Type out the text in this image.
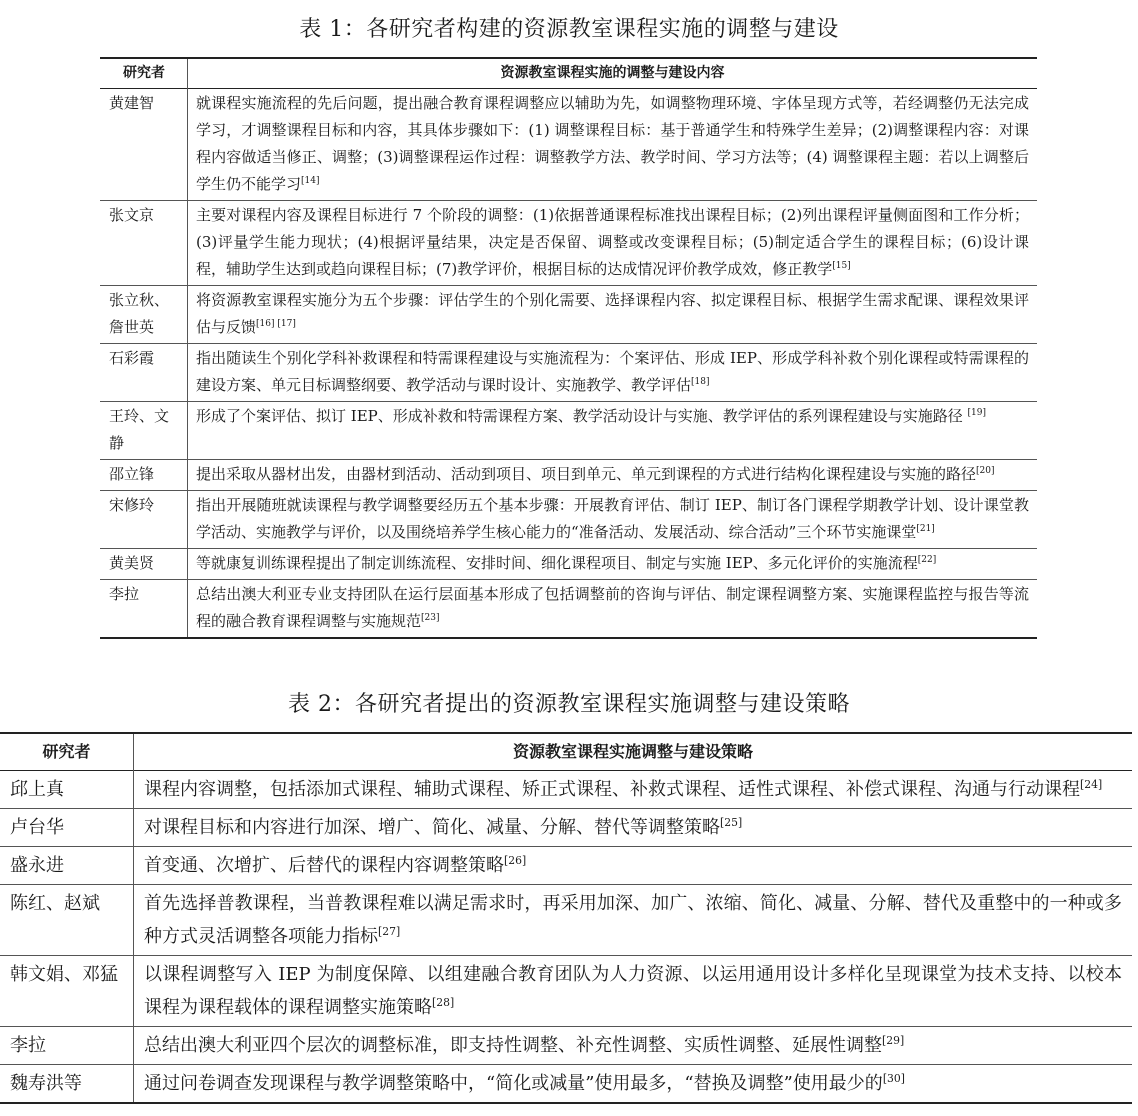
表 1：各研究者构建的资源教室课程实施的调整与建设
研究者	资源教室课程实施的调整与建设内容
黄建智	就课程实施流程的先后问题，提出融合教育课程调整应以辅助为先，如调整物理环境、字体呈现方式等，若经调整仍无法完成学习，才调整课程目标和内容，其具体步骤如下：(1) 调整课程目标：基于普通学生和特殊学生差异；(2)调整课程内容：对课程内容做适当修正、调整；(3)调整课程运作过程：调整教学方法、教学时间、学习方法等；(4) 调整课程主题：若以上调整后学生仍不能学习[14]
张文京	主要对课程内容及课程目标进行 7 个阶段的调整：(1)依据普通课程标准找出课程目标；(2)列出课程评量侧面图和工作分析；(3)评量学生能力现状；(4)根据评量结果，决定是否保留、调整或改变课程目标；(5)制定适合学生的课程目标；(6)设计课程，辅助学生达到或趋向课程目标；(7)教学评价，根据目标的达成情况评价教学成效，修正教学[15]
张立秋、詹世英	将资源教室课程实施分为五个步骤：评估学生的个别化需要、选择课程内容、拟定课程目标、根据学生需求配课、课程效果评估与反馈[16] [17]
石彩霞	指出随读生个别化学科补救课程和特需课程建设与实施流程为：个案评估、形成 IEP、形成学科补救个别化课程或特需课程的建设方案、单元目标调整纲要、教学活动与课时设计、实施教学、教学评估[18]
王玲、文静	形成了个案评估、拟订 IEP、形成补救和特需课程方案、教学活动设计与实施、教学评估的系列课程建设与实施路径 [19]
邵立锋	提出采取从器材出发，由器材到活动、活动到项目、项目到单元、单元到课程的方式进行结构化课程建设与实施的路径[20]
宋修玲	指出开展随班就读课程与教学调整要经历五个基本步骤：开展教育评估、制订 IEP、制订各门课程学期教学计划、设计课堂教学活动、实施教学与评价，以及围绕培养学生核心能力的“准备活动、发展活动、综合活动”三个环节实施课堂[21]
黄美贤	等就康复训练课程提出了制定训练流程、安排时间、细化课程项目、制定与实施 IEP、多元化评价的实施流程[22]
李拉	总结出澳大利亚专业支持团队在运行层面基本形成了包括调整前的咨询与评估、制定课程调整方案、实施课程监控与报告等流程的融合教育课程调整与实施规范[23]
表 2：各研究者提出的资源教室课程实施调整与建设策略
研究者	资源教室课程实施调整与建设策略
邱上真	课程内容调整，包括添加式课程、辅助式课程、矫正式课程、补救式课程、适性式课程、补偿式课程、沟通与行动课程[24]
卢台华	对课程目标和内容进行加深、增广、简化、减量、分解、替代等调整策略[25]
盛永进	首变通、次增扩、后替代的课程内容调整策略[26]
陈红、赵斌	首先选择普教课程，当普教课程难以满足需求时，再采用加深、加广、浓缩、简化、减量、分解、替代及重整中的一种或多种方式灵活调整各项能力指标[27]
韩文娟、邓猛	以课程调整写入 IEP 为制度保障、以组建融合教育团队为人力资源、以运用通用设计多样化呈现课堂为技术支持、以校本课程为课程载体的课程调整实施策略[28]
李拉	总结出澳大利亚四个层次的调整标准，即支持性调整、补充性调整、实质性调整、延展性调整[29]
魏寿洪等	通过问卷调查发现课程与教学调整策略中，“简化或减量”使用最多，“替换及调整”使用最少的[30]
